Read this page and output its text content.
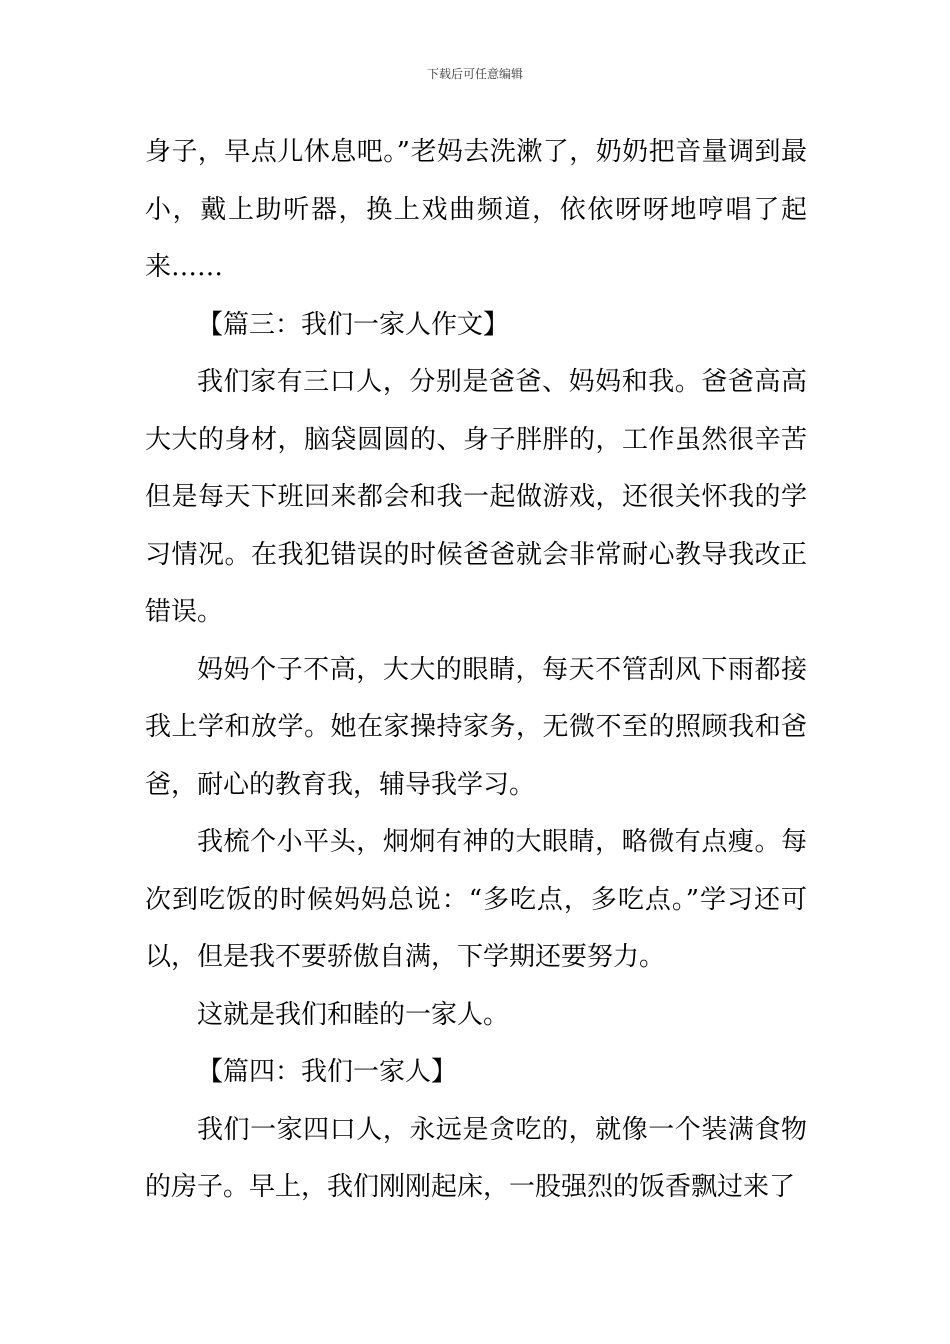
下载后可任意编辑

身子，早点儿休息吧。”老妈去洗漱了，奶奶把音量调到最小，戴上助听器，换上戏曲频道，依依呀呀地哼唱了起来……

【篇三：我们一家人作文】

我们家有三口人，分别是爸爸、妈妈和我。爸爸高高大大的身材，脑袋圆圆的、身子胖胖的，工作虽然很辛苦但是每天下班回来都会和我一起做游戏，还很关怀我的学习情况。在我犯错误的时候爸爸就会非常耐心教导我改正错误。

妈妈个子不高，大大的眼睛，每天不管刮风下雨都接我上学和放学。她在家操持家务，无微不至的照顾我和爸爸，耐心的教育我，辅导我学习。

我梳个小平头，炯炯有神的大眼睛，略微有点瘦。每次到吃饭的时候妈妈总说：“多吃点，多吃点。”学习还可以，但是我不要骄傲自满，下学期还要努力。

这就是我们和睦的一家人。

【篇四：我们一家人】

我们一家四口人，永远是贪吃的，就像一个装满食物的房子。早上，我们刚刚起床，一股强烈的饭香飘过来了
